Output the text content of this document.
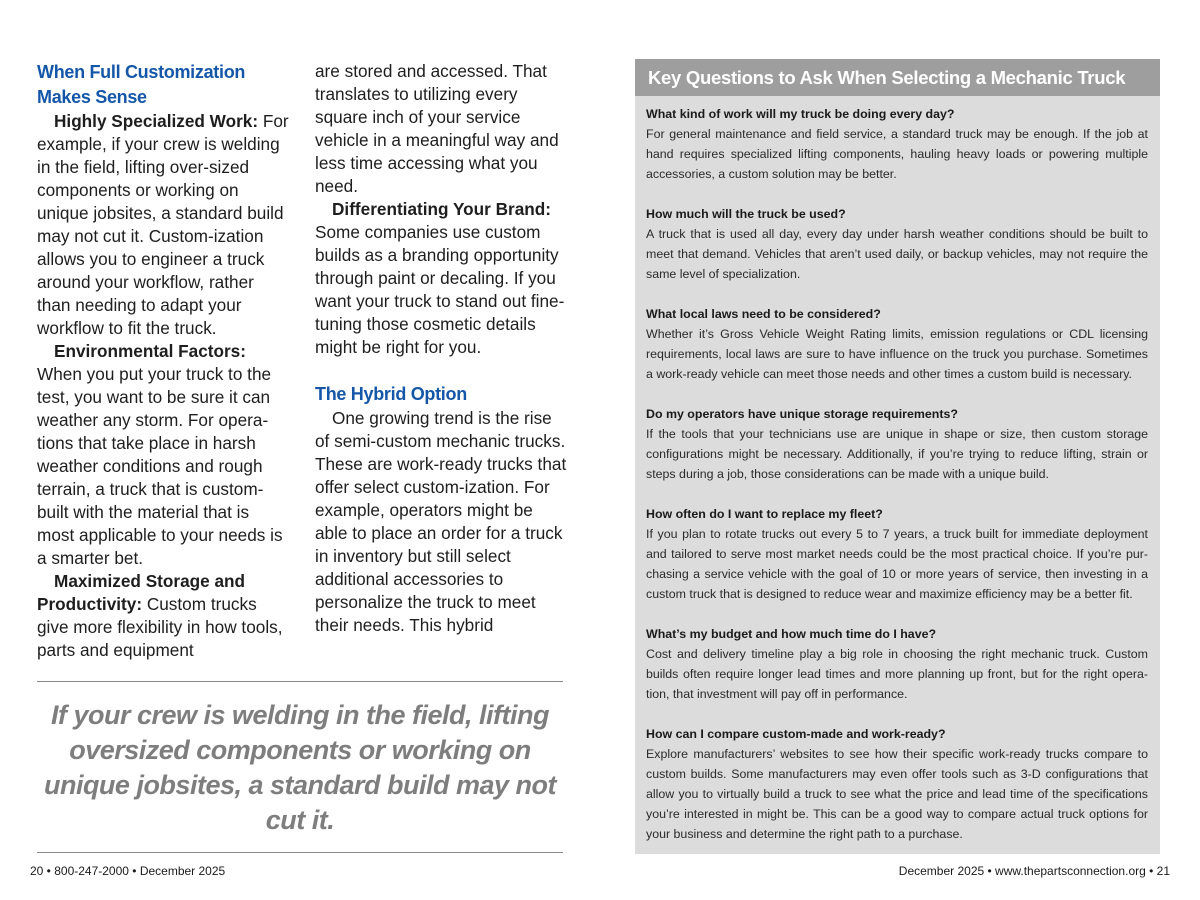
When Full Customization Makes Sense

Highly Specialized Work: For example, if your crew is welding in the field, lifting over-sized components or working on unique jobsites, a standard build may not cut it. Custom-ization allows you to engineer a truck around your workflow, rather than needing to adapt your workflow to fit the truck.

Environmental Factors: When you put your truck to the test, you want to be sure it can weather any storm. For opera-tions that take place in harsh weather conditions and rough terrain, a truck that is custom-built with the material that is most applicable to your needs is a smarter bet.

Maximized Storage and Productivity: Custom trucks give more flexibility in how tools, parts and equipment

are stored and accessed. That translates to utilizing every square inch of your service vehicle in a meaningful way and less time accessing what you need.

Differentiating Your Brand: Some companies use custom builds as a branding opportunity through paint or decaling. If you want your truck to stand out fine-tuning those cosmetic details might be right for you.

The Hybrid Option

One growing trend is the rise of semi-custom mechanic trucks. These are work-ready trucks that offer select custom-ization. For example, operators might be able to place an order for a truck in inventory but still select additional accessories to personalize the truck to meet their needs. This hybrid

If your crew is welding in the field, lifting oversized components or working on unique jobsites, a standard build may not cut it.
Key Questions to Ask When Selecting a Mechanic Truck
What kind of work will my truck be doing every day?
For general maintenance and field service, a standard truck may be enough. If the job at hand requires specialized lifting components, hauling heavy loads or powering multiple accessories, a custom solution may be better.
How much will the truck be used?
A truck that is used all day, every day under harsh weather conditions should be built to meet that demand. Vehicles that aren’t used daily, or backup vehicles, may not require the same level of specialization.
What local laws need to be considered?
Whether it’s Gross Vehicle Weight Rating limits, emission regulations or CDL licensing requirements, local laws are sure to have influence on the truck you purchase. Sometimes a work-ready vehicle can meet those needs and other times a custom build is necessary.
Do my operators have unique storage requirements?
If the tools that your technicians use are unique in shape or size, then custom storage configurations might be necessary. Additionally, if you’re trying to reduce lifting, strain or steps during a job, those considerations can be made with a unique build.
How often do I want to replace my fleet?
If you plan to rotate trucks out every 5 to 7 years, a truck built for immediate deployment and tailored to serve most market needs could be the most practical choice. If you’re pur-chasing a service vehicle with the goal of 10 or more years of service, then investing in a custom truck that is designed to reduce wear and maximize efficiency may be a better fit.
What’s my budget and how much time do I have?
Cost and delivery timeline play a big role in choosing the right mechanic truck. Custom builds often require longer lead times and more planning up front, but for the right opera-tion, that investment will pay off in performance.
How can I compare custom-made and work-ready?
Explore manufacturers’ websites to see how their specific work-ready trucks compare to custom builds. Some manufacturers may even offer tools such as 3-D configurations that allow you to virtually build a truck to see what the price and lead time of the specifications you’re interested in might be. This can be a good way to compare actual truck options for your business and determine the right path to a purchase.
20 • 800-247-2000 • December 2025	December 2025 • www.thepartsconnection.org • 21
